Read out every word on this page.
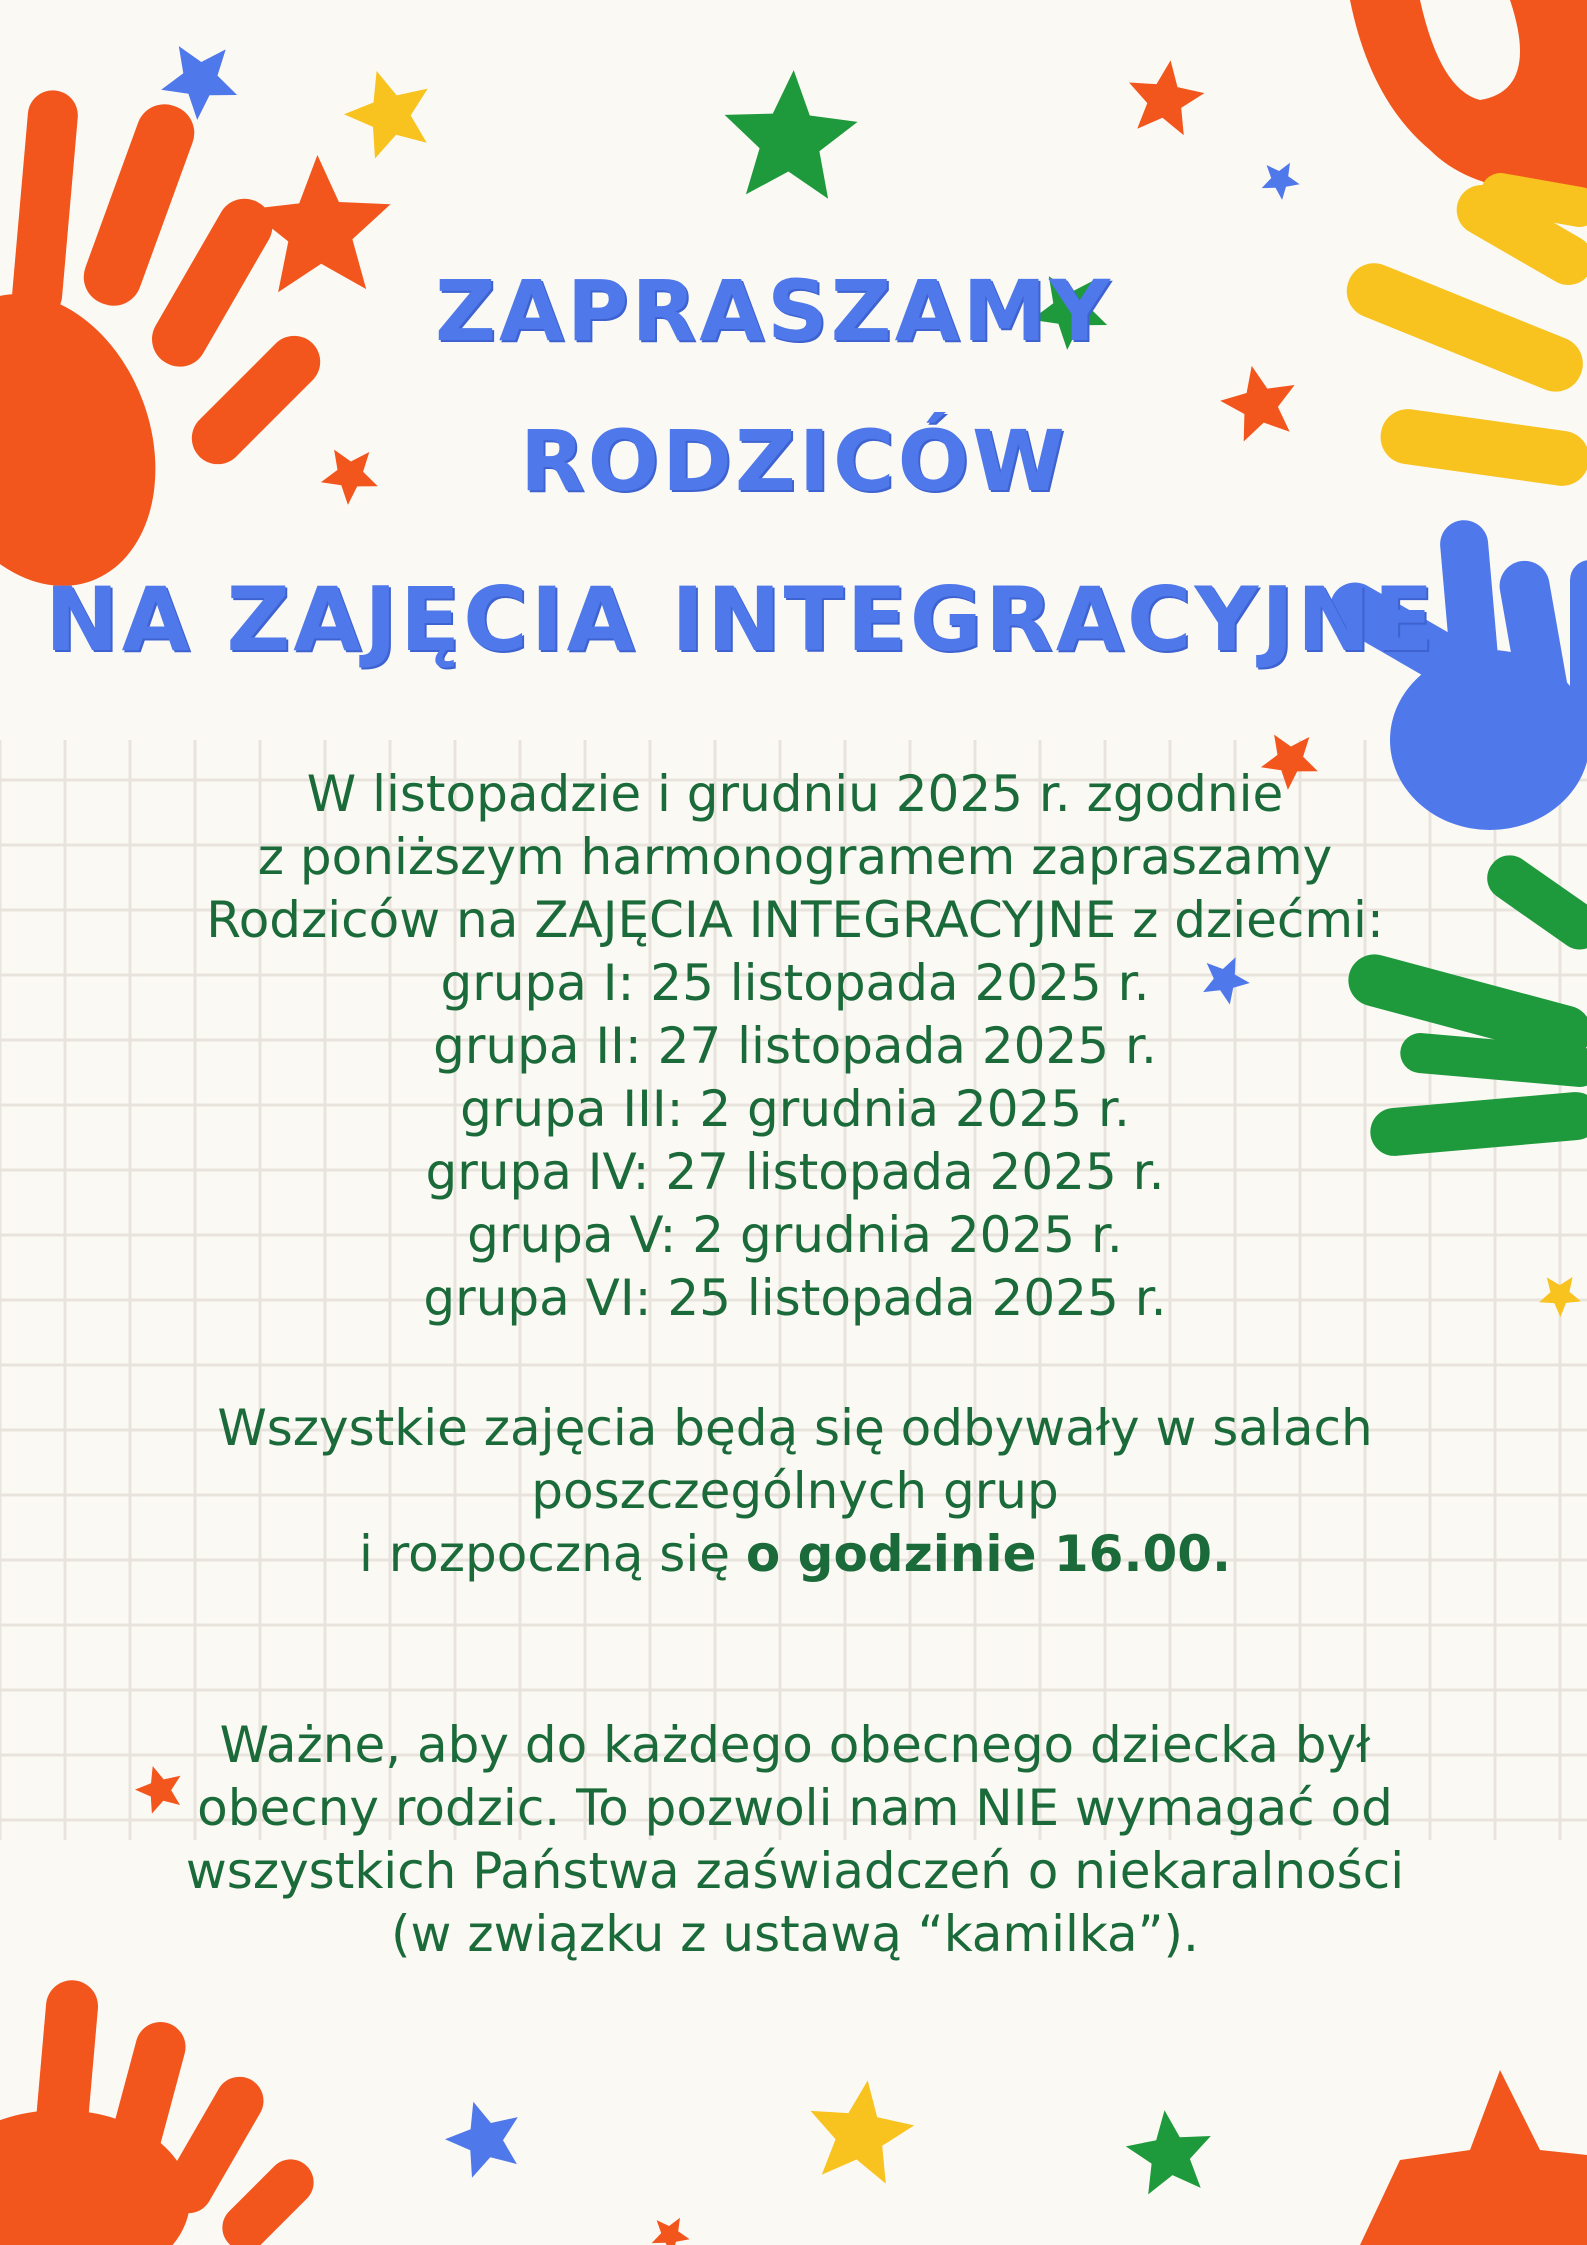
ZAPRASZAMY
RODZICÓW
NA ZAJĘCIA INTEGRACYJNE
W listopadzie i grudniu 2025 r. zgodnie
z poniższym harmonogramem zapraszamy
Rodziców na ZAJĘCIA INTEGRACYJNE z dziećmi:
grupa I: 25 listopada 2025 r.
grupa II: 27 listopada 2025 r.
grupa III: 2 grudnia 2025 r.
grupa IV: 27 listopada 2025 r.
grupa V: 2 grudnia 2025 r.
grupa VI: 25 listopada 2025 r.
Wszystkie zajęcia będą się odbywały w salach
poszczególnych grup
i rozpoczną się o godzinie 16.00.
Ważne, aby do każdego obecnego dziecka był
obecny rodzic. To pozwoli nam NIE wymagać od
wszystkich Państwa zaświadczeń o niekaralności
(w związku z ustawą “kamilka”).
